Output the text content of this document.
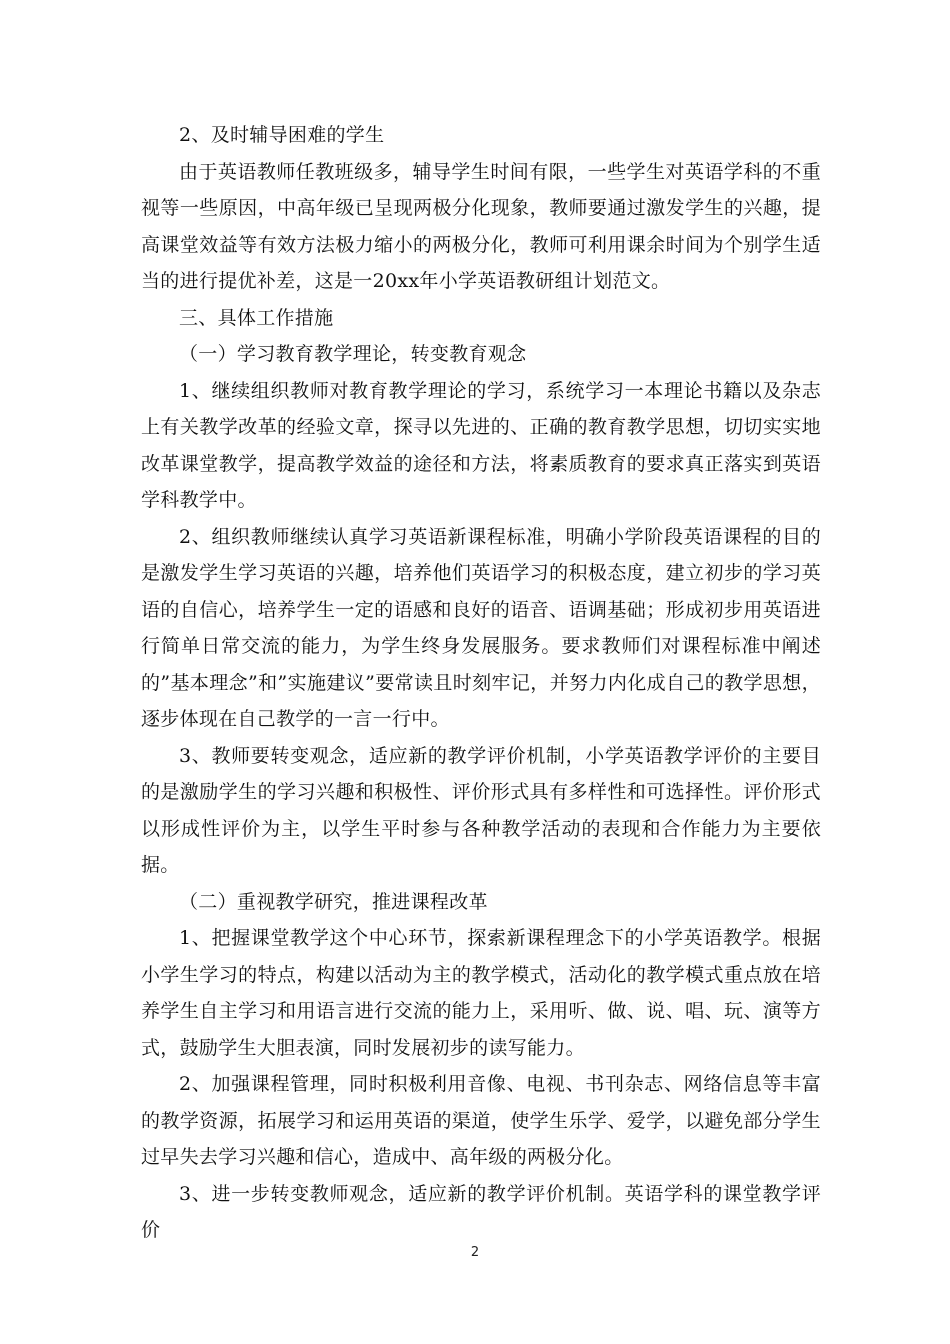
2、及时辅导困难的学生

由于英语教师任教班级多，辅导学生时间有限，一些学生对英语学科的不重视等一些原因，中高年级已呈现两极分化现象，教师要通过激发学生的兴趣，提高课堂效益等有效方法极力缩小的两极分化，教师可利用课余时间为个别学生适当的进行提优补差，这是一20xx年小学英语教研组计划范文。

三、具体工作措施

（一）学习教育教学理论，转变教育观念

1、继续组织教师对教育教学理论的学习，系统学习一本理论书籍以及杂志上有关教学改革的经验文章，探寻以先进的、正确的教育教学思想，切切实实地改革课堂教学，提高教学效益的途径和方法，将素质教育的要求真正落实到英语学科教学中。

2、组织教师继续认真学习英语新课程标准，明确小学阶段英语课程的目的是激发学生学习英语的兴趣，培养他们英语学习的积极态度，建立初步的学习英语的自信心，培养学生一定的语感和良好的语音、语调基础；形成初步用英语进行简单日常交流的能力，为学生终身发展服务。要求教师们对课程标准中阐述的”基本理念”和”实施建议”要常读且时刻牢记，并努力内化成自己的教学思想，逐步体现在自己教学的一言一行中。

3、教师要转变观念，适应新的教学评价机制，小学英语教学评价的主要目的是激励学生的学习兴趣和积极性、评价形式具有多样性和可选择性。评价形式以形成性评价为主，以学生平时参与各种教学活动的表现和合作能力为主要依据。

（二）重视教学研究，推进课程改革

1、把握课堂教学这个中心环节，探索新课程理念下的小学英语教学。根据小学生学习的特点，构建以活动为主的教学模式，活动化的教学模式重点放在培养学生自主学习和用语言进行交流的能力上，采用听、做、说、唱、玩、演等方式，鼓励学生大胆表演，同时发展初步的读写能力。

2、加强课程管理，同时积极利用音像、电视、书刊杂志、网络信息等丰富的教学资源，拓展学习和运用英语的渠道，使学生乐学、爱学，以避免部分学生过早失去学习兴趣和信心，造成中、高年级的两极分化。

3、进一步转变教师观念，适应新的教学评价机制。英语学科的课堂教学评价

2
